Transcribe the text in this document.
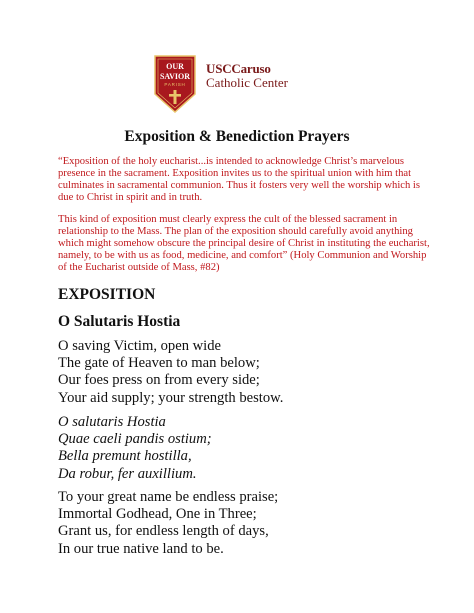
OUR
SAVIOR
PARISH
USCCaruso
Catholic Center
Exposition & Benediction Prayers

“Exposition of the holy eucharist...is intended to acknowledge Christ’s marvelous presence in the sacrament. Exposition invites us to the spiritual union with him that culminates in sacramental communion. Thus it fosters very well the worship which is due to Christ in spirit and in truth.

This kind of exposition must clearly express the cult of the blessed sacrament in relationship to the Mass. The plan of the exposition should carefully avoid anything which might somehow obscure the principal desire of Christ in instituting the eucharist, namely, to be with us as food, medicine, and comfort” (Holy Communion and Worship of the Eucharist outside of Mass, #82)

EXPOSITION
O Salutaris Hostia
O saving Victim, open wide
The gate of Heaven to man below;
Our foes press on from every side;
Your aid supply; your strength bestow.
O salutaris Hostia
Quae caeli pandis ostium;
Bella premunt hostilla,
Da robur, fer auxillium.
To your great name be endless praise;
Immortal Godhead, One in Three;
Grant us, for endless length of days,
In our true native land to be.
